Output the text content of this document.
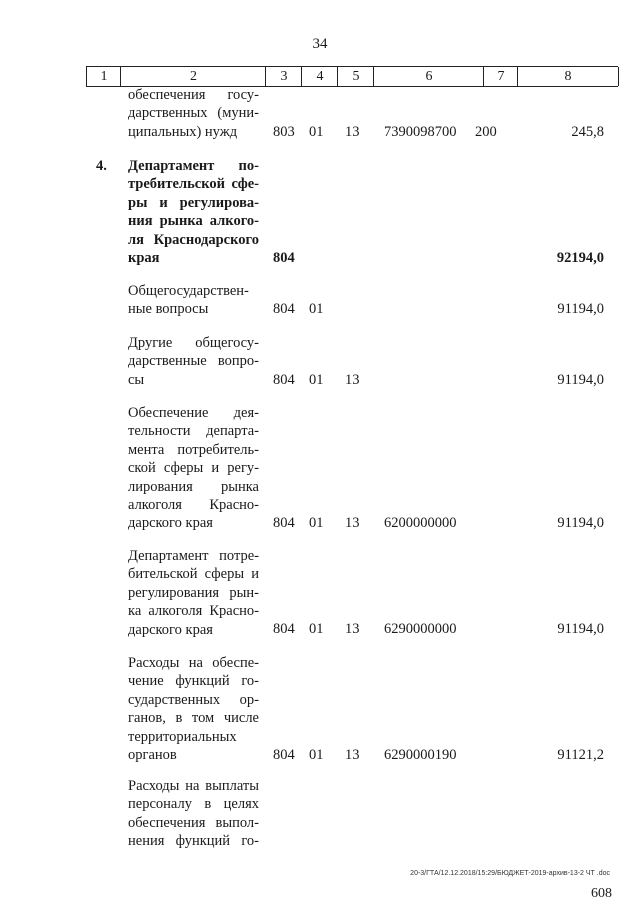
34
1	2	3	4	5	6	7	8
обеспечения госу-
дарственных (муни-
ципальных) нужд	803 01 13 7390098700 200	245,8
4. Департамент по-
требительской сфе-
ры и регулирова-
ния рынка алкого-
ля Краснодарского
края	804	92194,0
Общегосударствен-
ные вопросы	804 01	91194,0
Другие общегосу-
дарственные вопро-
сы	804 01 13	91194,0
Обеспечение дея-
тельности департа-
мента потребитель-
ской сферы и регу-
лирования рынка
алкоголя Красно-
дарского края	804 01 13 6200000000	91194,0
Департамент потре-
бительской сферы и
регулирования рын-
ка алкоголя Красно-
дарского края	804 01 13 6290000000	91194,0
Расходы на обеспе-
чение функций го-
сударственных ор-
ганов, в том числе
территориальных
органов	804 01 13 6290000190	91121,2
Расходы на выплаты
персоналу в целях
обеспечения выпол-
нения функций го-
20-3/ГТА/12.12.2018/15:29/БЮДЖЕТ-2019-архив-13-2 ЧТ .doc
608
